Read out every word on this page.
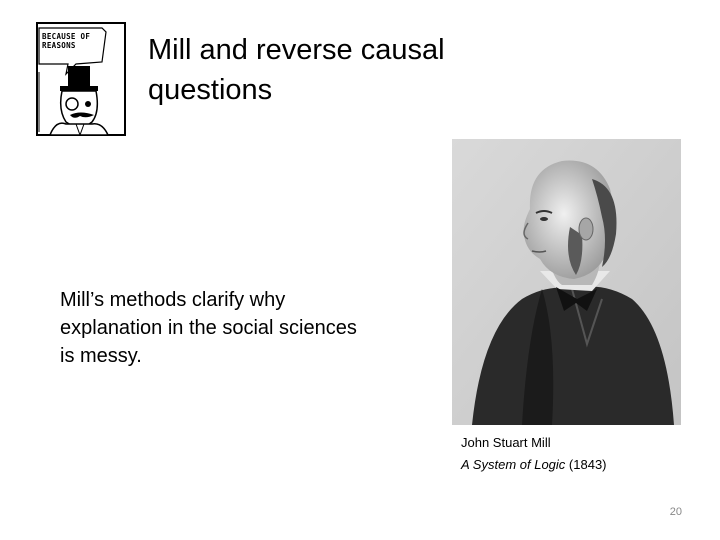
BECAUSE OF REASONS	Mill and reverse causal
questions

Mill’s methods clarify why explanation in the social sciences is messy.

John Stuart Mill
A System of Logic (1843)
20
